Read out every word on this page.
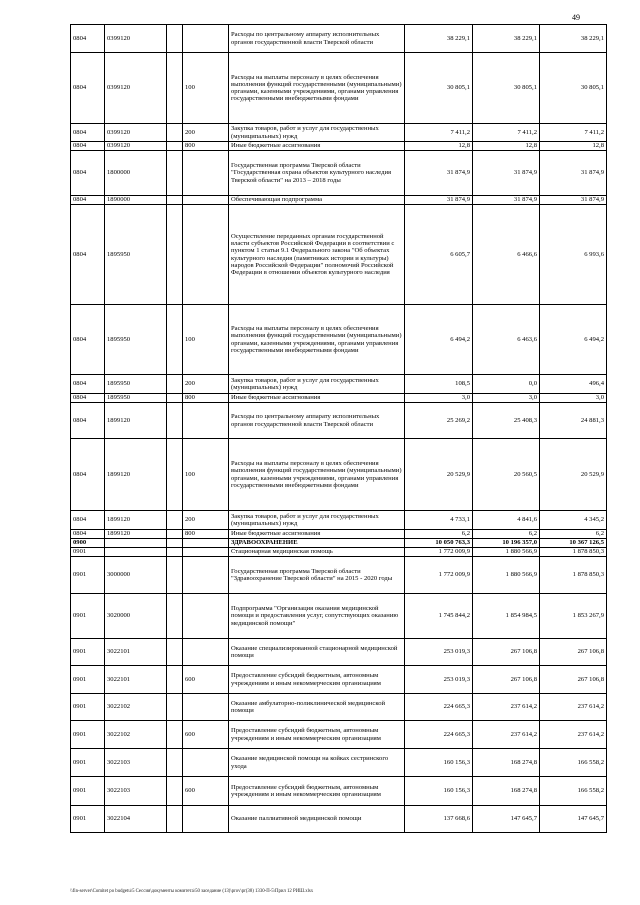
49
0804	0399120			Расходы по центральному аппарату исполнительных органов государственной власти Тверской области	38 229,1	38 229,1	38 229,1
0804	0399120		100	Расходы на выплаты персоналу в целях обеспечения выполнения функций государственными (муниципальными) органами, казенными учреждениями, органами управления государственными внебюджетными фондами	30 805,1	30 805,1	30 805,1
0804	0399120		200	Закупка товаров, работ и услуг для государственных (муниципальных) нужд	7 411,2	7 411,2	7 411,2
0804	0399120		800	Иные бюджетные ассигнования	12,8	12,8	12,8
0804	1800000			Государственная программа Тверской области "Государственная охрана объектов культурного наследия Тверской области" на 2013 – 2018 годы	31 874,9	31 874,9	31 874,9
0804	1890000			Обеспечивающая подпрограмма	31 874,9	31 874,9	31 874,9
0804	1895950			Осуществление переданных органам государственной власти субъектов Российской Федерации в соответствии с пунктом 1 статьи 9.1 Федерального закона "Об объектах культурного наследия (памятниках истории и культуры) народов Российской Федерации" полномочий Российской Федерации в отношении объектов культурного наследия	6 605,7	6 466,6	6 993,6
0804	1895950		100	Расходы на выплаты персоналу в целях обеспечения выполнения функций государственными (муниципальными) органами, казенными учреждениями, органами управления государственными внебюджетными фондами	6 494,2	6 463,6	6 494,2
0804	1895950		200	Закупка товаров, работ и услуг для государственных (муниципальных) нужд	108,5	0,0	496,4
0804	1895950		800	Иные бюджетные ассигнования	3,0	3,0	3,0
0804	1899120			Расходы по центральному аппарату исполнительных органов государственной власти Тверской области	25 269,2	25 408,3	24 881,3
0804	1899120		100	Расходы на выплаты персоналу в целях обеспечения выполнения функций государственными (муниципальными) органами, казенными учреждениями, органами управления государственными внебюджетными фондами	20 529,9	20 560,5	20 529,9
0804	1899120		200	Закупка товаров, работ и услуг для государственных (муниципальных) нужд	4 733,1	4 841,6	4 345,2
0804	1899120		800	Иные бюджетные ассигнования	6,2	6,2	6,2
0900				ЗДРАВООХРАНЕНИЕ	10 050 763,3	10 196 357,0	10 367 126,5
0901				Стационарная медицинская помощь	1 772 009,9	1 880 566,9	1 878 850,3
0901	3000000			Государственная программа Тверской области "Здравоохранение Тверской области" на 2015 - 2020 годы	1 772 009,9	1 880 566,9	1 878 850,3
0901	3020000			Подпрограмма "Организация оказания медицинской помощи и предоставления услуг, сопутствующих оказанию медицинской помощи"	1 745 844,2	1 854 984,5	1 853 267,9
0901	3022101			Оказание специализированной стационарной медицинской помощи	253 019,3	267 106,8	267 106,8
0901	3022101		600	Предоставление субсидий бюджетным, автономным учреждениям и иным некоммерческим организациям	253 019,3	267 106,8	267 106,8
0901	3022102			Оказание амбулаторно-поликлинической медицинской помощи	224 665,3	237 614,2	237 614,2
0901	3022102		600	Предоставление субсидий бюджетным, автономным учреждениям и иным некоммерческим организациям	224 665,3	237 614,2	237 614,2
0901	3022103			Оказание медицинской помощи на койках сестринского ухода	160 156,3	168 274,8	166 558,2
0901	3022103		600	Предоставление субсидий бюджетным, автономным учреждениям и иным некоммерческим организациям	160 156,3	168 274,8	166 558,2
0901	3022104			Оказание паллиативной медицинской помощи	137 668,6	147 645,7	147 645,7
\\fin-server\Comitet po budgetu\5 Сессия\документы комитета\50 заседание (13)\prov\pr(38) 1330-П-5\Прил 12 РИШ.xlsx
